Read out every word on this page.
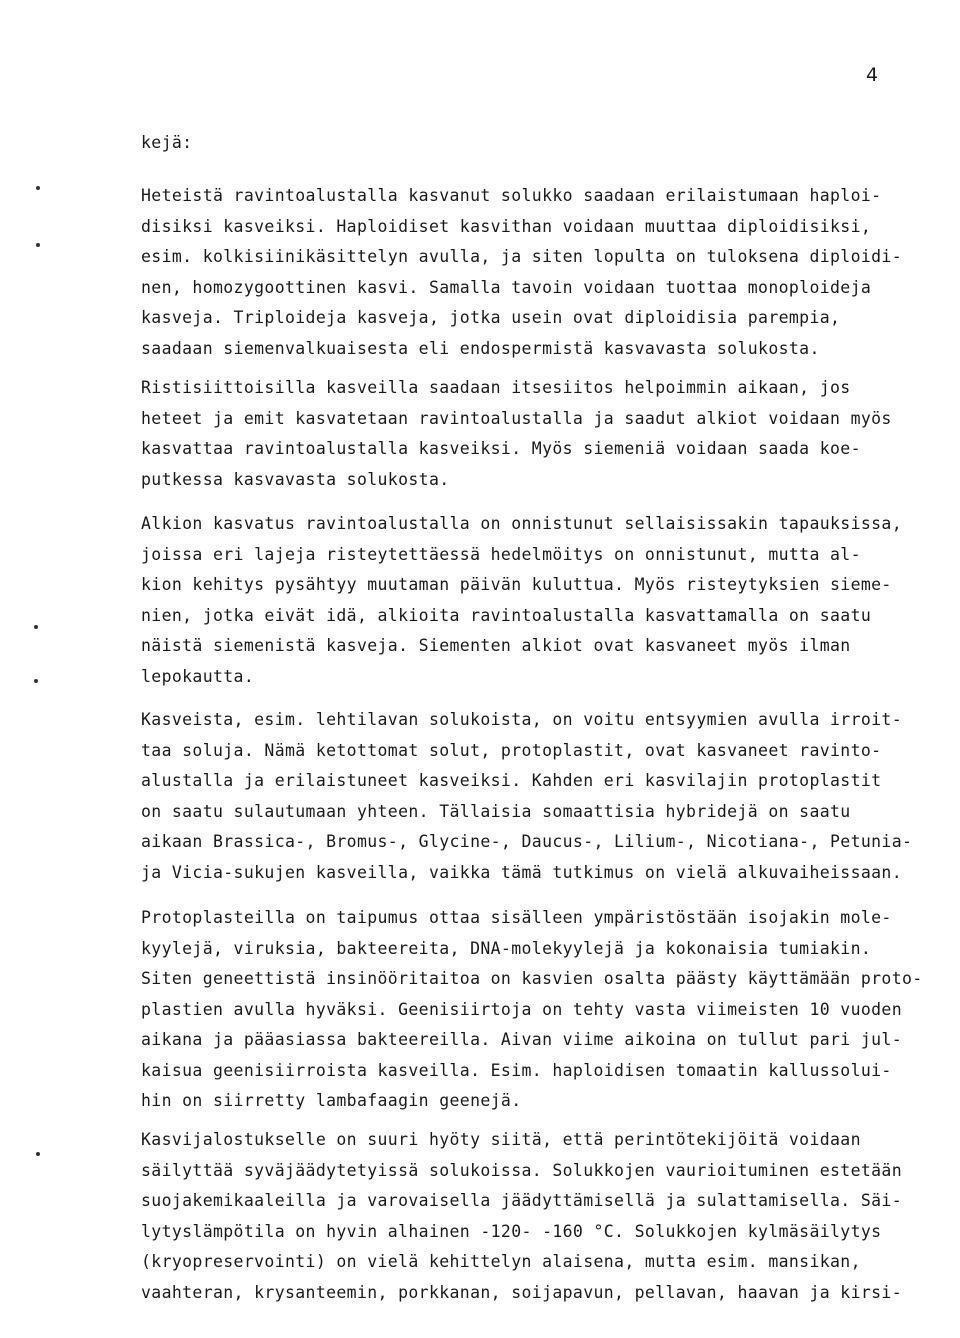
4
kejä:
Heteistä ravintoalustalla kasvanut solukko saadaan erilaistumaan haploi-
disiksi kasveiksi. Haploidiset kasvithan voidaan muuttaa diploidisiksi,
esim. kolkisiinikäsittelyn avulla, ja siten lopulta on tuloksena diploidi-
nen, homozygoottinen kasvi. Samalla tavoin voidaan tuottaa monoploideja
kasveja. Triploideja kasveja, jotka usein ovat diploidisia parempia,
saadaan siemenvalkuaisesta eli endospermistä kasvavasta solukosta.
Ristisiittoisilla kasveilla saadaan itsesiitos helpoimmin aikaan, jos
heteet ja emit kasvatetaan ravintoalustalla ja saadut alkiot voidaan myös
kasvattaa ravintoalustalla kasveiksi. Myös siemeniä voidaan saada koe-
putkessa kasvavasta solukosta.
Alkion kasvatus ravintoalustalla on onnistunut sellaisissakin tapauksissa,
joissa eri lajeja risteytettäessä hedelmöitys on onnistunut, mutta al-
kion kehitys pysähtyy muutaman päivän kuluttua. Myös risteytyksien sieme-
nien, jotka eivät idä, alkioita ravintoalustalla kasvattamalla on saatu
näistä siemenistä kasveja. Siementen alkiot ovat kasvaneet myös ilman
lepokautta.
Kasveista, esim. lehtilavan solukoista, on voitu entsyymien avulla irroit-
taa soluja. Nämä ketottomat solut, protoplastit, ovat kasvaneet ravinto-
alustalla ja erilaistuneet kasveiksi. Kahden eri kasvilajin protoplastit
on saatu sulautumaan yhteen. Tällaisia somaattisia hybridejä on saatu
aikaan Brassica-, Bromus-, Glycine-, Daucus-, Lilium-, Nicotiana-, Petunia-
ja Vicia-sukujen kasveilla, vaikka tämä tutkimus on vielä alkuvaiheissaan.
Protoplasteilla on taipumus ottaa sisälleen ympäristöstään isojakin mole-
kyylejä, viruksia, bakteereita, DNA-molekyylejä ja kokonaisia tumiakin.
Siten geneettistä insinööritaitoa on kasvien osalta päästy käyttämään proto-
plastien avulla hyväksi. Geenisiirtoja on tehty vasta viimeisten 10 vuoden
aikana ja pääasiassa bakteereilla. Aivan viime aikoina on tullut pari jul-
kaisua geenisiirroista kasveilla. Esim. haploidisen tomaatin kallussolui-
hin on siirretty lambafaagin geenejä.
Kasvijalostukselle on suuri hyöty siitä, että perintötekijöitä voidaan
säilyttää syväjäädytetyissä solukoissa. Solukkojen vaurioituminen estetään
suojakemikaaleilla ja varovaisella jäädyttämisellä ja sulattamisella. Säi-
lytyslämpötila on hyvin alhainen -120- -160 °C. Solukkojen kylmäsäilytys
(kryopreservointi) on vielä kehittelyn alaisena, mutta esim. mansikan,
vaahteran, krysanteemin, porkkanan, soijapavun, pellavan, haavan ja kirsi-
